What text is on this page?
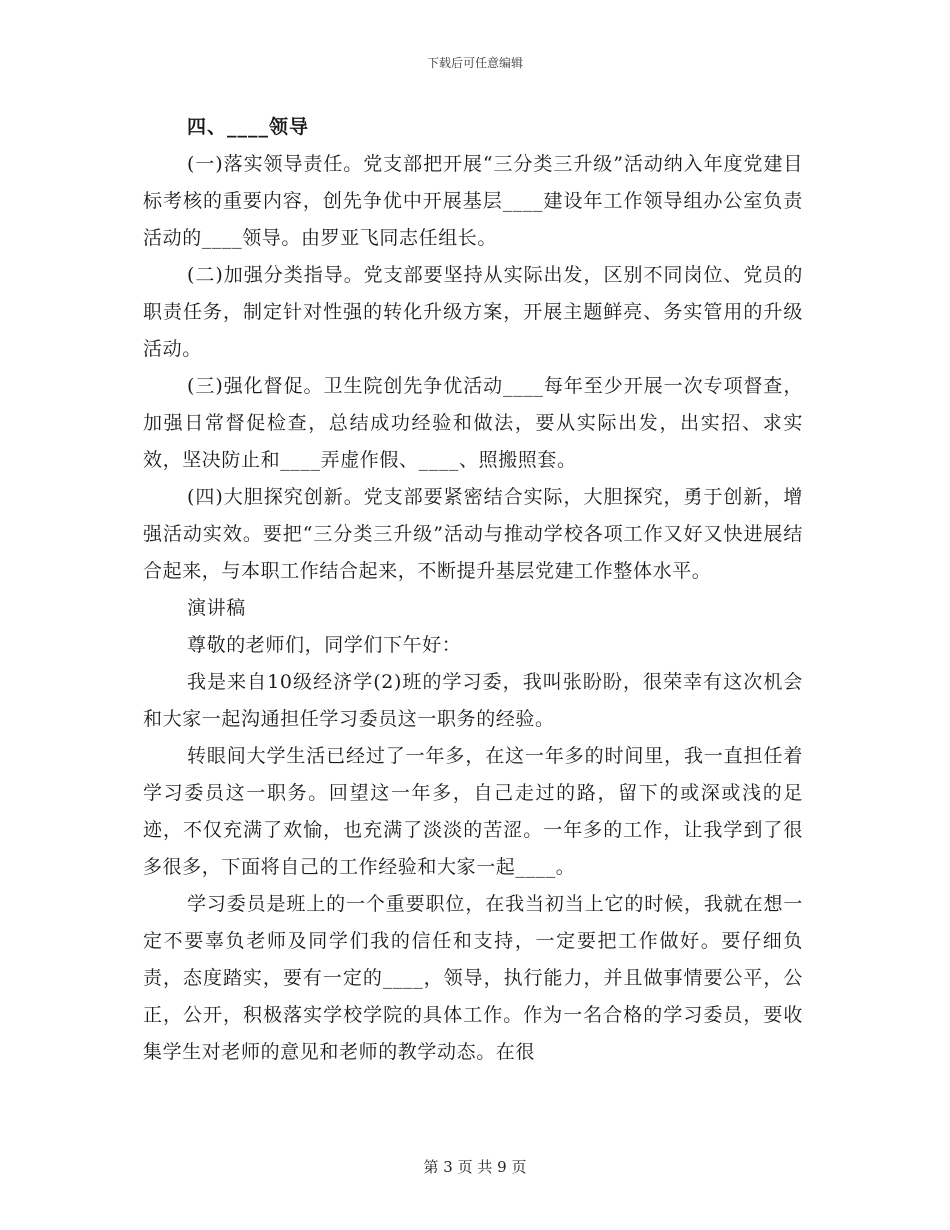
下载后可任意编辑

四、____领导

(一)落实领导责任。党支部把开展“三分类三升级”活动纳入年度党建目标考核的重要内容，创先争优中开展基层____建设年工作领导组办公室负责活动的____领导。由罗亚飞同志任组长。

(二)加强分类指导。党支部要坚持从实际出发，区别不同岗位、党员的职责任务，制定针对性强的转化升级方案，开展主题鲜亮、务实管用的升级活动。

(三)强化督促。卫生院创先争优活动____每年至少开展一次专项督查，加强日常督促检查，总结成功经验和做法，要从实际出发，出实招、求实效，坚决防止和____弄虚作假、____、照搬照套。

(四)大胆探究创新。党支部要紧密结合实际，大胆探究，勇于创新，增强活动实效。要把“三分类三升级”活动与推动学校各项工作又好又快进展结合起来，与本职工作结合起来，不断提升基层党建工作整体水平。

演讲稿

尊敬的老师们，同学们下午好：

我是来自10级经济学(2)班的学习委，我叫张盼盼，很荣幸有这次机会和大家一起沟通担任学习委员这一职务的经验。

转眼间大学生活已经过了一年多，在这一年多的时间里，我一直担任着学习委员这一职务。回望这一年多，自己走过的路，留下的或深或浅的足迹，不仅充满了欢愉，也充满了淡淡的苦涩。一年多的工作，让我学到了很多很多，下面将自己的工作经验和大家一起____。

学习委员是班上的一个重要职位，在我当初当上它的时候，我就在想一定不要辜负老师及同学们我的信任和支持，一定要把工作做好。要仔细负责，态度踏实，要有一定的____，领导，执行能力，并且做事情要公平，公正，公开，积极落实学校学院的具体工作。作为一名合格的学习委员，要收集学生对老师的意见和老师的教学动态。在很

第 3 页 共 9 页
